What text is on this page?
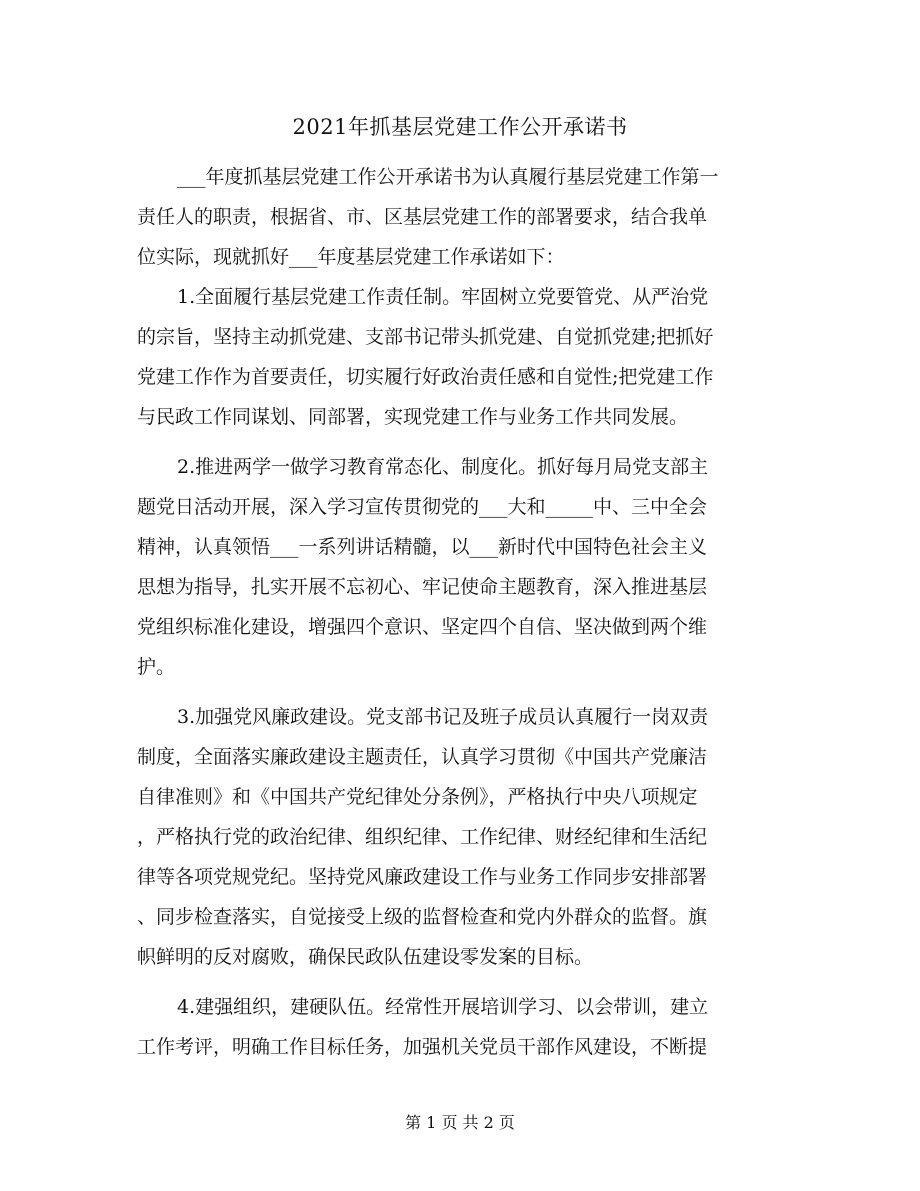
2021年抓基层党建工作公开承诺书
___年度抓基层党建工作公开承诺书为认真履行基层党建工作第一
责任人的职责，根据省、市、区基层党建工作的部署要求，结合我单
位实际，现就抓好___年度基层党建工作承诺如下：
1.全面履行基层党建工作责任制。牢固树立党要管党、从严治党
的宗旨，坚持主动抓党建、支部书记带头抓党建、自觉抓党建;把抓好
党建工作作为首要责任，切实履行好政治责任感和自觉性;把党建工作
与民政工作同谋划、同部署，实现党建工作与业务工作共同发展。
2.推进两学一做学习教育常态化、制度化。抓好每月局党支部主
题党日活动开展，深入学习宣传贯彻党的___大和_____中、三中全会
精神，认真领悟___一系列讲话精髓，以___新时代中国特色社会主义
思想为指导，扎实开展不忘初心、牢记使命主题教育，深入推进基层
党组织标准化建设，增强四个意识、坚定四个自信、坚决做到两个维
护。
3.加强党风廉政建设。党支部书记及班子成员认真履行一岗双责
制度，全面落实廉政建设主题责任，认真学习贯彻《中国共产党廉洁
自律准则》和《中国共产党纪律处分条例》，严格执行中央八项规定
，严格执行党的政治纪律、组织纪律、工作纪律、财经纪律和生活纪
律等各项党规党纪。坚持党风廉政建设工作与业务工作同步安排部署
、同步检查落实，自觉接受上级的监督检查和党内外群众的监督。旗
帜鲜明的反对腐败，确保民政队伍建设零发案的目标。
4.建强组织，建硬队伍。经常性开展培训学习、以会带训，建立
工作考评，明确工作目标任务，加强机关党员干部作风建设，不断提
第 1 页 共 2 页
